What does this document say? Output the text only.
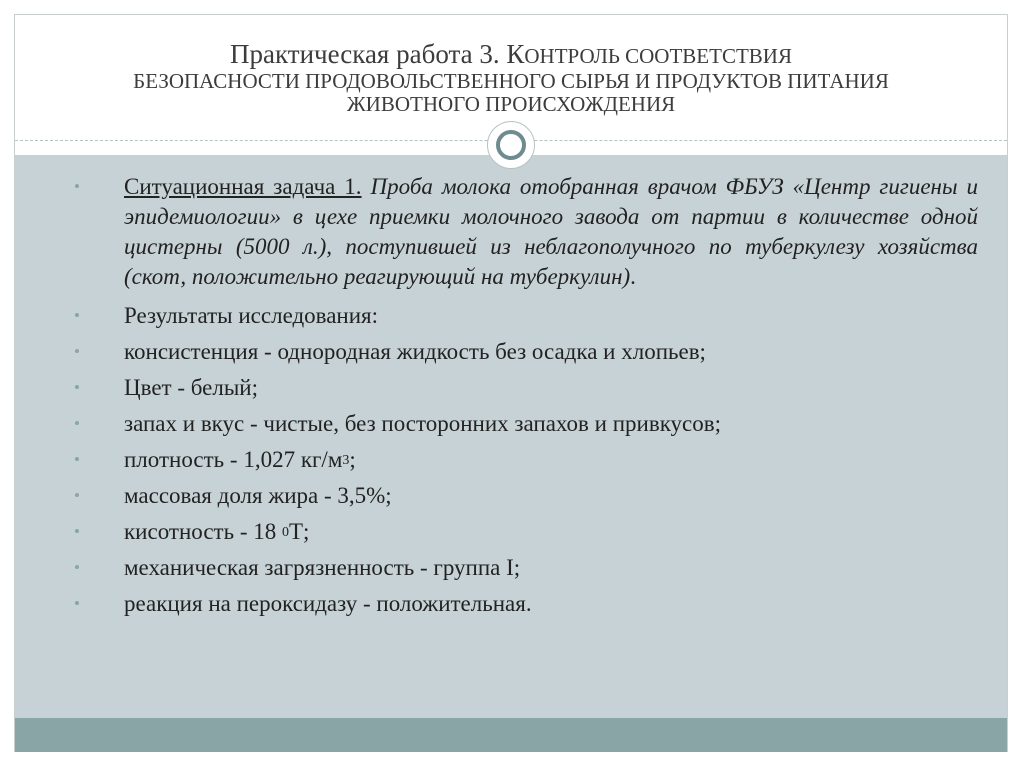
Практическая работа 3. КОНТРОЛЬ СООТВЕТСТВИЯ
БЕЗОПАСНОСТИ ПРОДОВОЛЬСТВЕННОГО СЫРЬЯ И ПРОДУКТОВ ПИТАНИЯ
ЖИВОТНОГО ПРОИСХОЖДЕНИЯ
• Ситуационная задача 1. Проба молока отобранная врачом ФБУЗ «Центр гигиены и эпидемиологии» в цехе приемки молочного завода от партии в количестве одной цистерны (5000 л.), поступившей из неблагополучного по туберкулезу хозяйства (скот, положительно реагирующий на туберкулин).
• Результаты исследования:
• консистенция - однородная жидкость без осадка и хлопьев;
• Цвет - белый;
• запах и вкус - чистые, без посторонних запахов и привкусов;
• плотность - 1,027 $кг/м^3$;
• массовая доля жира - 3,5%;
• кисотность - 18 $^0$Т;
• механическая загрязненность - группа I;
• реакция на пероксидазу - положительная.
